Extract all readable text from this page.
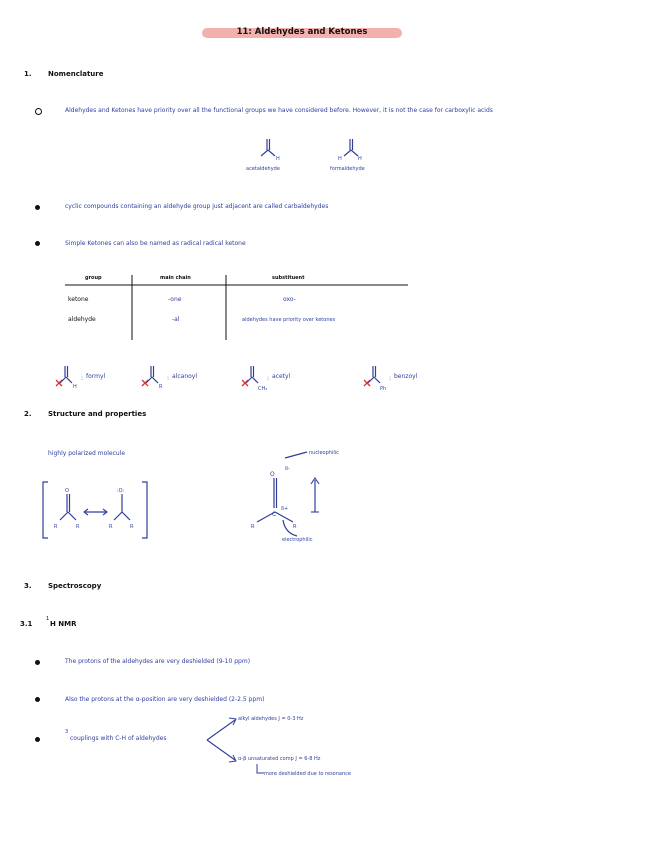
11: Aldehydes and Ketones
1. Nomenclature
Aldehydes and Ketones have priority over all the functional groups we have considered before. However, it is not the case for carboxylic acids
H	H	H
acetaldehyde	formaldehyde
cyclic compounds containing an aldehyde group just adjacent are called carbaldehydes
Simple Ketones can also be named as radical radical ketone
group	main chain	substituent
ketone	-one	oxo-
aldehyde	-al	aldehydes have priority over ketones
H	R	CH₃	Ph
:	:	:	:
formyl	alcanoyl	acetyl	benzoyl
2. Structure and properties
highly polarized molecule
O	:O:
R	R	R	R
O
δ-
δ+
C
R	R
nucleophilic
electrophilic
3. Spectroscopy
3.1
1
H NMR
The protons of the aldehydes are very deshielded (9-10 ppm)
Also the protons at the α-position are very deshielded (2-2.5 ppm)
3
couplings with C-H of aldehydes
alkyl aldehydes J = 0-3 Hz
α-β unsaturated comp J = 6-8 Hz
more deshielded due to resonance
